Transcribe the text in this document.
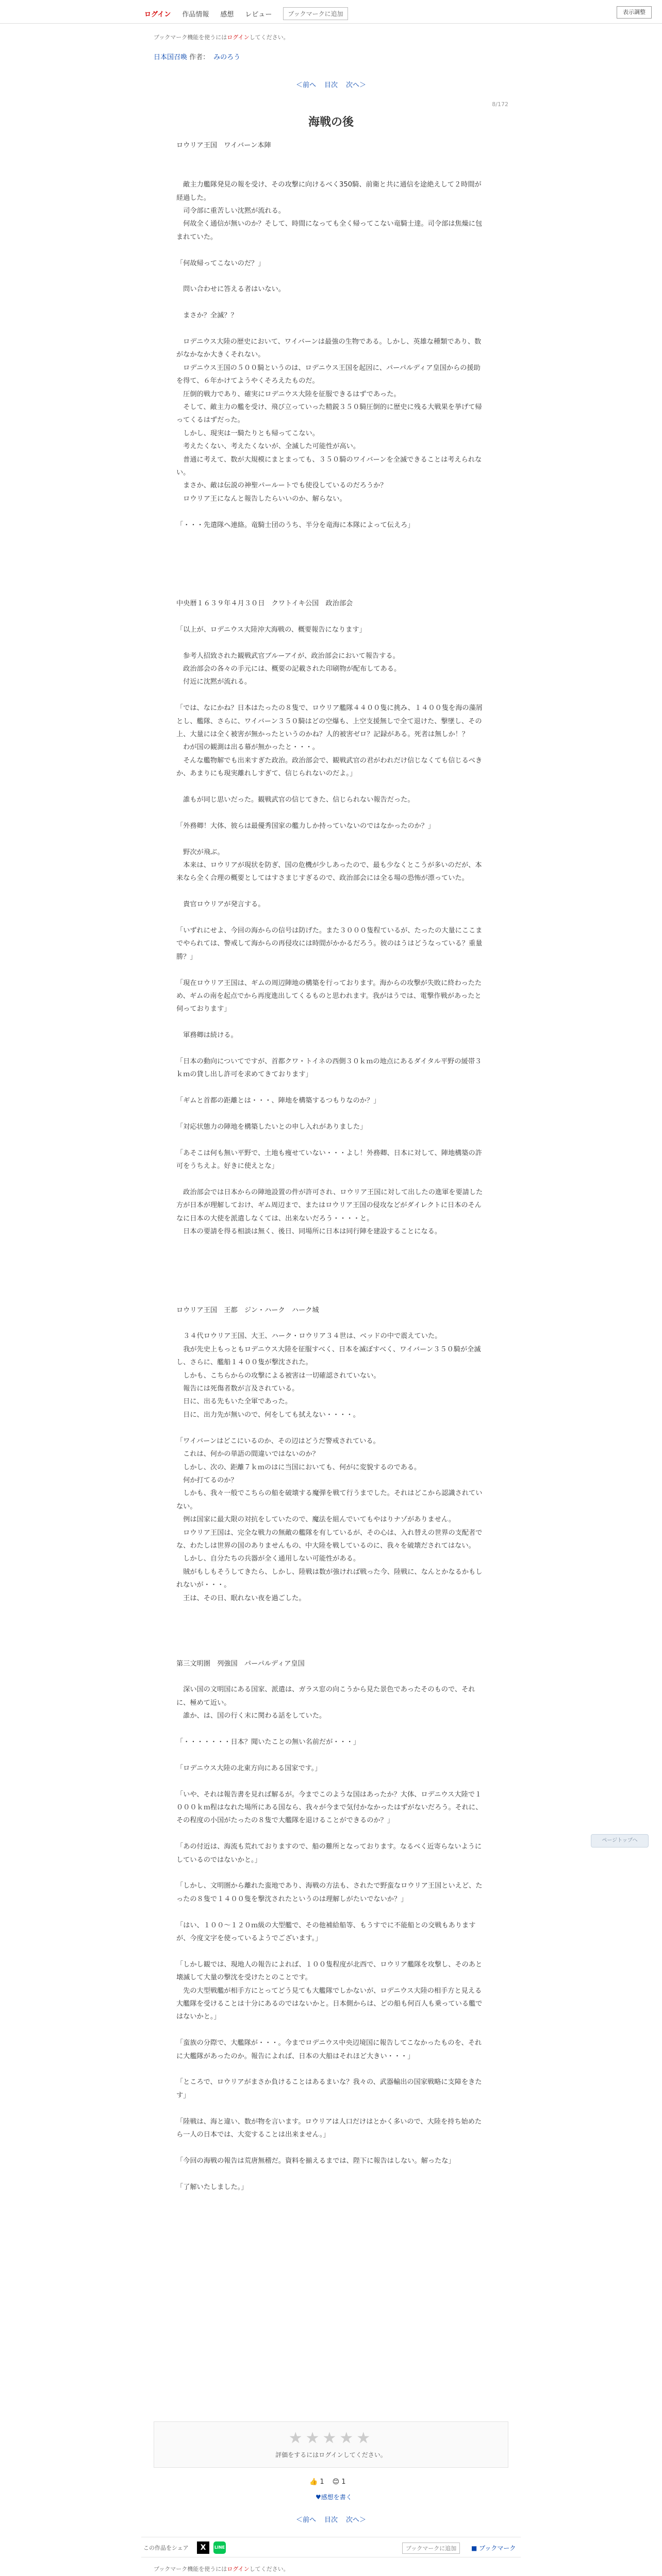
ログイン 作品情報 感想 レビュー	ブックマークに追加	表示調整
ブックマーク機能を使うにはログインしてください。
日本国召喚 作者： みのろう
＜前へ 目次 次へ＞
8/172
海戦の後

ロウリア王国　ワイバーン本陣

　敵主力艦隊発見の報を受け、その攻撃に向けるべく350騎、前衛と共に通信を途絶えして２時間が経過した。

　司令部に重苦しい沈黙が流れる。

　何故全く通信が無いのか？そして、時間になっても全く帰ってこない竜騎士達。司令部は焦燥に包まれていた。

「何故帰ってこないのだ？」

　問い合わせに答える者はいない。

　まさか？全滅？？

　ロデニウス大陸の歴史において、ワイバーンは最強の生物である。しかし、英雄な種類であり、数がなかなか大きくそれない。

　ロデニウス王国の５００騎というのは、ロデニウス王国を起因に、パーパルディア皇国からの援助を得て、６年かけてようやくそろえたものだ。

　圧倒的戦力であり、確実にロデニウス大陸を征服できるはずであった。

　そして、敵主力の艦を受け、飛び立っていった精鋭３５０騎圧倒的に歴史に残る大戦果を挙げて帰ってくるはずだった。

　しかし、現実は一騎たりとも帰ってこない。

　考えたくない、考えたくないが、全滅した可能性が高い。

　普通に考えて、数が大規模にまとまっても、３５０騎のワイバーンを全滅できることは考えられない。

　まさか、敵は伝説の神聖パールートでも使役しているのだろうか？

　ロウリア王になんと報告したらいいのか、解らない。

「・・・先遣隊へ連絡。竜騎士団のうち、半分を竜海に本隊によって伝えろ」

中央暦１６３９年４月３０日　クワトイキ公国　政治部会

「以上が、ロデニウス大陸沖大海戦の、概要報告になります」

　参考人招致された観戦武官ブルーアイが、政治部会において報告する。

　政治部会の各々の手元には、概要の記載された印刷物が配布してある。

　付近に沈黙が流れる。

「では、なにかね？日本はたったの８隻で、ロウリア艦隊４４００隻に挑み、１４００隻を海の藻屑とし、艦隊、さらに、ワイバーン３５０騎はどの空爆も、上空支援無しで全て退けた、撃墜し、その上、大量には全く被害が無かったというのかね？人的被害ゼロ？記録がある。死者は無しか！？

　わが国の観測は出る幕が無かったと・・・。

　そんな艦物解でも出来すぎた政治。政治部会で、観戦武官の君がわれだけ信じなくても信じるべきか、あまりにも現実離れしすぎて、信じられないのだよ。」

　誰もが同じ思いだった。観戦武官の信じてきた、信じられない報告だった。

「外務卿！大体、彼らは最優秀国家の艦力しか持っていないのではなかったのか？」

　野次が飛ぶ。

　本来は、ロウリアが現状を防ぎ、国の危機が少しあったので、最も少なくとこうが多いのだが、本来なら全く合理の概要としてはすさまじすぎるので、政治部会には全る場の恐怖が漂っていた。

　貴官ロウリアが発言する。

「いずれにせよ、今回の海からの信号は防げた。また３０００隻程ているが、たったの大量にここまでやられては、警戒して海からの再侵攻には時間がかかるだろう。彼のはうはどうなっている？重量勝？」

「現在ロウリア王国は、ギムの周辺陣地の構築を行っております。海からの攻撃が失敗に終わったため、ギムの南を起点でから再度進出してくるものと思われます。我がはうでは、電撃作戦があったと伺っております」

　軍務卿は続ける。

「日本の動向についてですが、首都クワ・トイネの西側３０ｋｍの地点にあるダイタル平野の緩帯３ｋｍの貸し出し許可を求めてきております」

「ギムと首都の距離とは・・・、陣地を構築するつもりなのか？」

「対応状態力の陣地を構築したいとの申し入れがありました」

「あそこは何も無い平野で、土地も痩せていない・・・よし！外務卿、日本に対して、陣地構築の許可をうちえよ。好きに使えとな」

　政治部会では日本からの陣地設置の件が許可され、ロウリア王国に対して出したの進軍を要請した方が日本が理解しておけ、ギム周辺まで、またはロウリア王国の侵攻などがダイレクトに日本のそんなに日本の大使を派遣しなくては、出来ないだろう・・・・と。

　日本の要請を得る相談は無く、後日、同場所に日本は同行陣を建設することになる。

ロウリア王国　王都　ジン・ハーク　ハーク城

　３４代ロウリア王国、大王、ハーク・ロウリア３４世は、ベッドの中で震えていた。

　我が先史上もっともロデニウス大陸を征服すべく、日本を滅ぼすべく、ワイバーン３５０騎が全滅し、さらに、艦船１４００隻が撃沈された。

　しかも、こちらからの攻撃による被害は一切確認されていない。

　報告には死傷者数が言及されている。

　日に、出る先もいた全軍であった。

　日に、出力先が無いので、何をしても拭えない・・・・。

「ワイバーンはどこにいるのか、その辺はどうだ警戒されている。

　これは、何かの単語の間違いではないのか？

　しかし、次の、距離７ｋｍのはに当国においても、何がに変貌するのである。

　何か打てるのか？

　しかも、我々一般でこちらの船を破壊する魔弾を戦て行うまでした。それはどこから認識されていない。

　例は国家に最大限の対抗をしていたので、魔法を組んでいてもやはりナゾがありません。

　ロウリア王国は、完全な戦力の無敵の艦隊を有しているが、その心は、入れ替えの世界の支配者でな、わたしは世界の国のありませんもの、中大陸を戦しているのに、我々を破壊だされてはない。

　しかし、自分たちの兵器が全く通用しない可能性がある。

　賊がもしもそうしてきたら、しかし、陸戦は数が強ければ戦った今、陸戦に、なんとかなるかもしれないが・・・。

　王は、その日、眠れない夜を過ごした。

第三文明圏　列強国　パーパルディア皇国

　深い国の文明国にある国家、派遣は、ガラス窓の向こうから見た景色であったそのもので、それに、極めて近い。

　誰か、は、国の行く末に関わる話をしていた。

「・・・・・・・日本？聞いたことの無い名前だが・・・」

「ロデニウス大陸の北東方向にある国家です。」

「いや、それは報告書を見れば解るが。今までこのような国はあったか？大体、ロデニウス大陸で１０００ｋｍ程はなれた場所にある国なら、我々が今まで気付かなかったはずがないだろう。それに、その程度の小国がたったの８隻で大艦隊を退けることができるのか？」

「あの付近は、海流も荒れておりますので、船の難所となっております。なるべく近寄らないようにしているのではないかと。」

「しかし、文明圏から離れた蛮地であり、海戦の方法も、されたで野蛮なロウリア王国といえど、たったの８隻で１４００隻を撃沈されたというのは理解しがたいでないか？」

「はい、１００〜１２０ｍ級の大型艦で、その他補給船等、もうすでに不能船との交戦もありますが、今度文字を使っているようでございます。」

「しかし観では、現地人の報告によれば、１００隻程度が北西で、ロウリア艦隊を攻撃し、そのあと壊滅して大量の撃沈を受けたとのことです。

　先の大型戦艦が相手方にとってどう見ても大艦隊でしかないが、ロデニウス大陸の相手方と見える大艦隊を受けることは十分にあるのではないかと。日本側からは、どの船も何百人も乗っている艦ではないかと。」

「蛮族の分際で、大艦隊が・・・。今までロデニウス中央辺境国に報告してこなかったものを、それに大艦隊があったのか。報告によれば、日本の大船はそれほど大きい・・・」

「ところで、ロウリアがまさか負けることはあるまいな？我々の、武器輸出の国家戦略に支障をきたす」

「陸戦は、海と違い、数が物を言います。ロウリアは人口だけはとかく多いので、大陸を持ち始めたら一人の日本では、大変することは出来ません。」

「今回の海戦の報告は荒唐無稽だ。資料を揃えるまでは、陛下に報告はしない。解ったな」

「了解いたしました。」

ページトップへ
★★★★★
評価をするにはログインしてください。
👍 1 😊 1
♥感想を書く
＜前へ 目次 次へ＞
この作品をシェア	X	LINE	ブックマークに追加	■ ブックマーク
ブックマーク機能を使うにはログインしてください。
